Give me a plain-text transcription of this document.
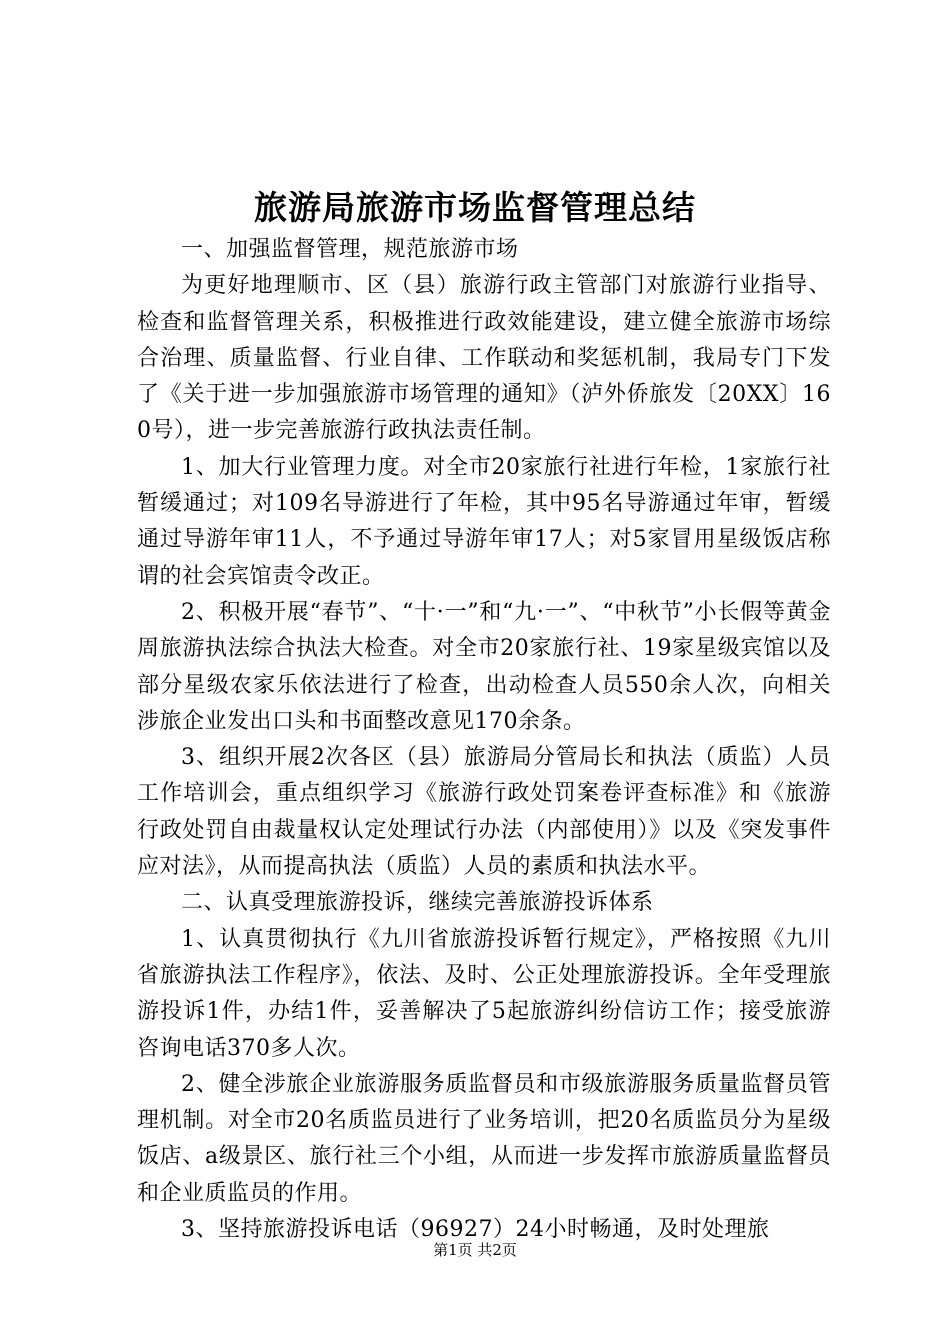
旅游局旅游市场监督管理总结

一、加强监督管理，规范旅游市场

为更好地理顺市、区（县）旅游行政主管部门对旅游行业指导、检查和监督管理关系，积极推进行政效能建设，建立健全旅游市场综合治理、质量监督、行业自律、工作联动和奖惩机制，我局专门下发了《关于进一步加强旅游市场管理的通知》（泸外侨旅发〔20XX〕160号），进一步完善旅游行政执法责任制。

1、加大行业管理力度。对全市20家旅行社进行年检，1家旅行社暂缓通过；对109名导游进行了年检，其中95名导游通过年审，暂缓通过导游年审11人，不予通过导游年审17人；对5家冒用星级饭店称谓的社会宾馆责令改正。

2、积极开展“春节”、“十·一”和“九·一”、“中秋节”小长假等黄金周旅游执法综合执法大检查。对全市20家旅行社、19家星级宾馆以及部分星级农家乐依法进行了检查，出动检查人员550余人次，向相关涉旅企业发出口头和书面整改意见170余条。

3、组织开展2次各区（县）旅游局分管局长和执法（质监）人员工作培训会，重点组织学习《旅游行政处罚案卷评查标准》和《旅游行政处罚自由裁量权认定处理试行办法（内部使用）》以及《突发事件应对法》，从而提高执法（质监）人员的素质和执法水平。

二、认真受理旅游投诉，继续完善旅游投诉体系

1、认真贯彻执行《九川省旅游投诉暂行规定》，严格按照《九川省旅游执法工作程序》，依法、及时、公正处理旅游投诉。全年受理旅游投诉1件，办结1件，妥善解决了5起旅游纠纷信访工作；接受旅游咨询电话370多人次。

2、健全涉旅企业旅游服务质监督员和市级旅游服务质量监督员管理机制。对全市20名质监员进行了业务培训，把20名质监员分为星级饭店、a级景区、旅行社三个小组，从而进一步发挥市旅游质量监督员和企业质监员的作用。

3、坚持旅游投诉电话（96927）24小时畅通，及时处理旅

第1页 共2页
